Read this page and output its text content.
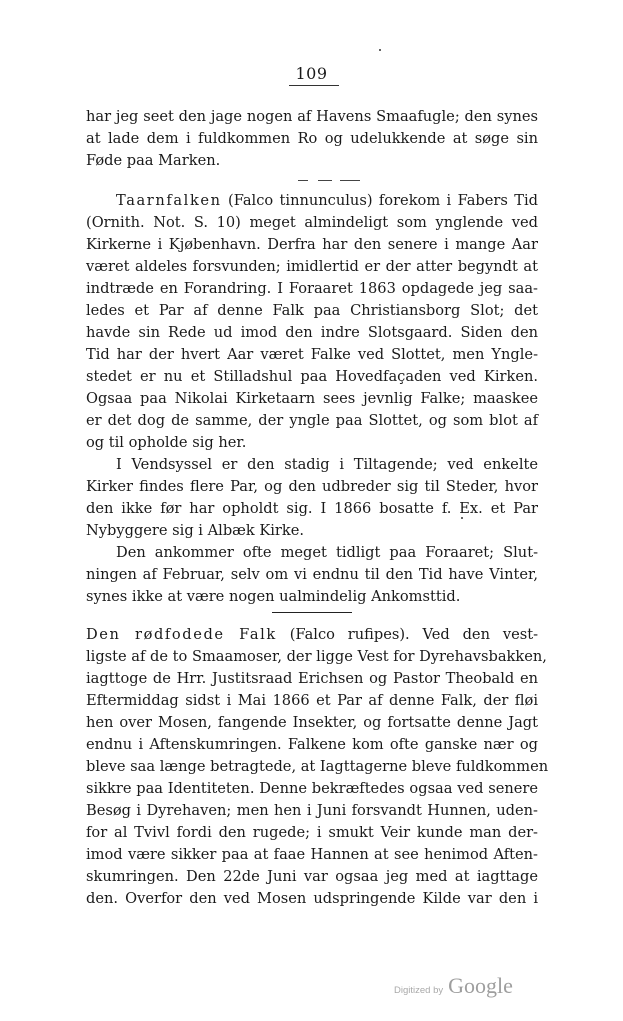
109
har jeg seet den jage nogen af Havens Smaafugle; den synes
at lade dem i fuldkommen Ro og udelukkende at søge sin
Føde paa Marken.
Taarnfalken (Falco tinnunculus) forekom i Fabers Tid
(Ornith. Not. S. 10) meget almindeligt som ynglende ved
Kirkerne i Kjøbenhavn. Derfra har den senere i mange Aar
været aldeles forsvunden; imidlertid er der atter begyndt at
indtræde en Forandring. I Foraaret 1863 opdagede jeg saa-
ledes et Par af denne Falk paa Christiansborg Slot; det
havde sin Rede ud imod den indre Slotsgaard. Siden den
Tid har der hvert Aar været Falke ved Slottet, men Yngle-
stedet er nu et Stilladshul paa Hovedfaçaden ved Kirken.
Ogsaa paa Nikolai Kirketaarn sees jevnlig Falke; maaskee
er det dog de samme, der yngle paa Slottet, og som blot af
og til opholde sig her.
I Vendsyssel er den stadig i Tiltagende; ved enkelte
Kirker findes flere Par, og den udbreder sig til Steder, hvor
den ikke før har opholdt sig. I 1866 bosatte f. Ex. et Par
Nybyggere sig i Albæk Kirke.
Den ankommer ofte meget tidligt paa Foraaret; Slut-
ningen af Februar, selv om vi endnu til den Tid have Vinter,
synes ikke at være nogen ualmindelig Ankomsttid.
Den rødfodede Falk (Falco rufipes). Ved den vest-
ligste af de to Smaamoser, der ligge Vest for Dyrehavsbakken,
iagttoge de Hrr. Justitsraad Erichsen og Pastor Theobald en
Eftermiddag sidst i Mai 1866 et Par af denne Falk, der fløi
hen over Mosen, fangende Insekter, og fortsatte denne Jagt
endnu i Aftenskumringen. Falkene kom ofte ganske nær og
bleve saa længe betragtede, at Iagttagerne bleve fuldkommen
sikkre paa Identiteten. Denne bekræftedes ogsaa ved senere
Besøg i Dyrehaven; men hen i Juni forsvandt Hunnen, uden-
for al Tvivl fordi den rugede; i smukt Veir kunde man der-
imod være sikker paa at faae Hannen at see henimod Aften-
skumringen. Den 22de Juni var ogsaa jeg med at iagttage
den. Overfor den ved Mosen udspringende Kilde var den i
Digitized by Google
